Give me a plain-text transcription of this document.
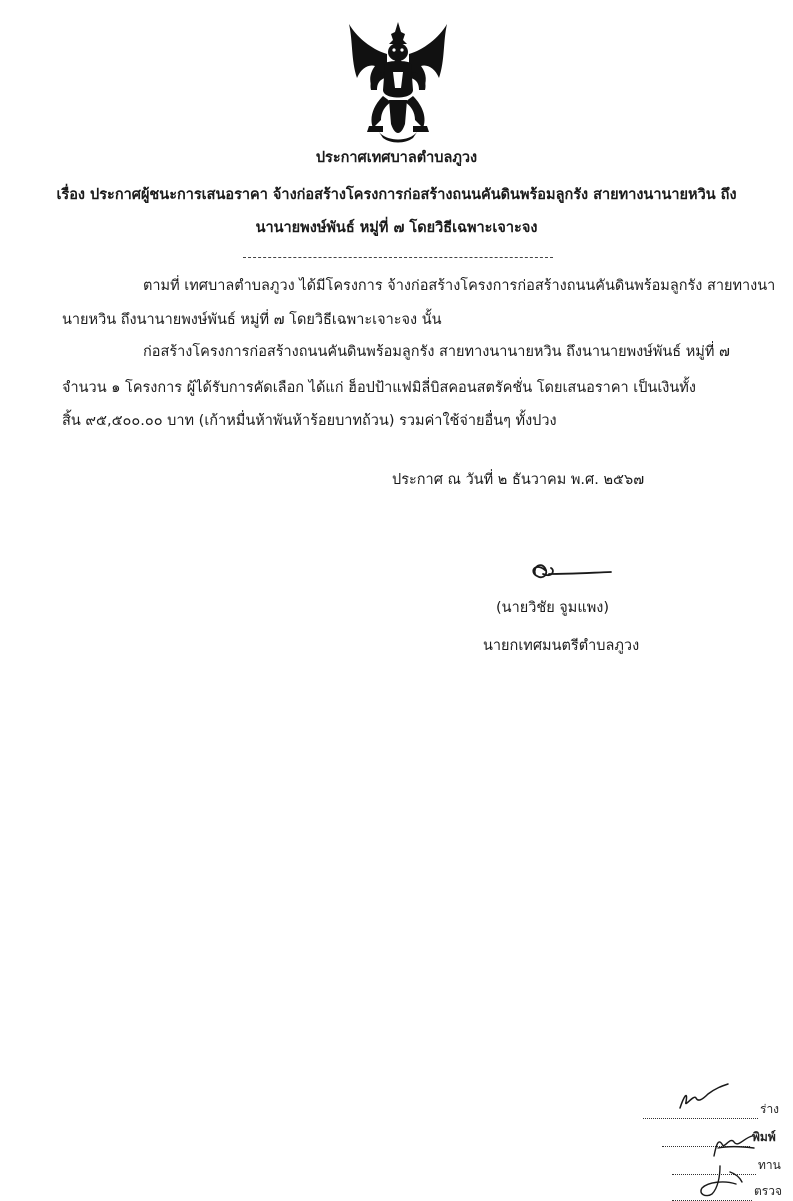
ประกาศเทศบาลตำบลภูวง
เรื่อง ประกาศผู้ชนะการเสนอราคา จ้างก่อสร้างโครงการก่อสร้างถนนคันดินพร้อมลูกรัง สายทางนานายหวิน ถึง
นานายพงษ์พันธ์ หมู่ที่ ๗ โดยวิธีเฉพาะเจาะจง
ตามที่ เทศบาลตำบลภูวง ได้มีโครงการ จ้างก่อสร้างโครงการก่อสร้างถนนคันดินพร้อมลูกรัง สายทางนา
นายหวิน ถึงนานายพงษ์พันธ์ หมู่ที่ ๗ โดยวิธีเฉพาะเจาะจง นั้น
ก่อสร้างโครงการก่อสร้างถนนคันดินพร้อมลูกรัง สายทางนานายหวิน ถึงนานายพงษ์พันธ์ หมู่ที่ ๗
จำนวน ๑ โครงการ ผู้ได้รับการคัดเลือก ได้แก่ ฮ็อปป้าแฟมิลี่บิสคอนสตรัคชั่น โดยเสนอราคา เป็นเงินทั้ง
สิ้น ๙๕,๕๐๐.๐๐ บาท (เก้าหมื่นห้าพันห้าร้อยบาทถ้วน) รวมค่าใช้จ่ายอื่นๆ ทั้งปวง
ประกาศ ณ วันที่ ๒ ธันวาคม พ.ศ. ๒๕๖๗
(นายวิชัย จูมแพง)
นายกเทศมนตรีตำบลภูวง
ร่าง
พิมพ์
ทาน
ตรวจ
